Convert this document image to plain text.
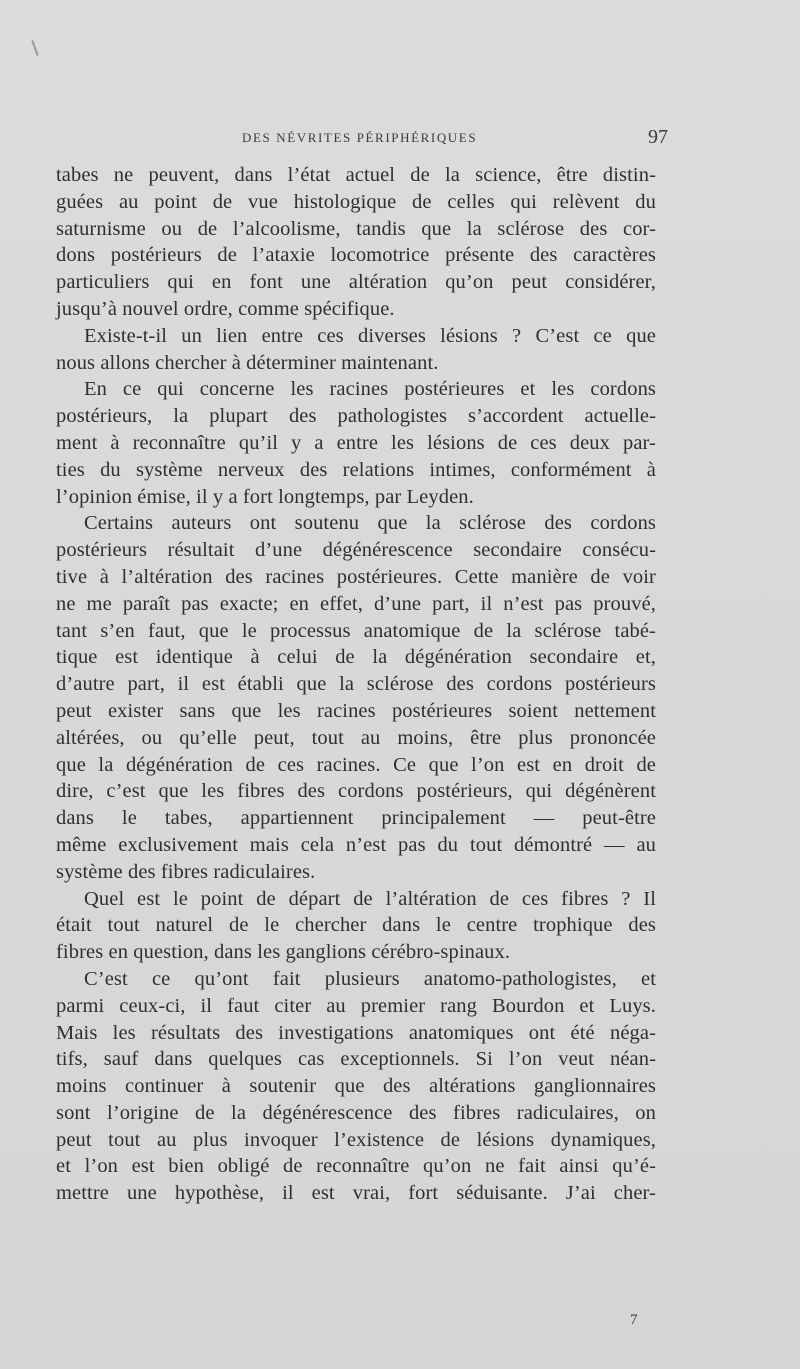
DES NÉVRITES PÉRIPHÉRIQUES	97
tabes ne peuvent, dans l’état actuel de la science, être distin-
guées au point de vue histologique de celles qui relèvent du
saturnisme ou de l’alcoolisme, tandis que la sclérose des cor-
dons postérieurs de l’ataxie locomotrice présente des caractères
particuliers qui en font une altération qu’on peut considérer,
jusqu’à nouvel ordre, comme spécifique.
Existe-t-il un lien entre ces diverses lésions ? C’est ce que
nous allons chercher à déterminer maintenant.
En ce qui concerne les racines postérieures et les cordons
postérieurs, la plupart des pathologistes s’accordent actuelle-
ment à reconnaître qu’il y a entre les lésions de ces deux par-
ties du système nerveux des relations intimes, conformément à
l’opinion émise, il y a fort longtemps, par Leyden.
Certains auteurs ont soutenu que la sclérose des cordons
postérieurs résultait d’une dégénérescence secondaire consécu-
tive à l’altération des racines postérieures. Cette manière de voir
ne me paraît pas exacte; en effet, d’une part, il n’est pas prouvé,
tant s’en faut, que le processus anatomique de la sclérose tabé-
tique est identique à celui de la dégénération secondaire et,
d’autre part, il est établi que la sclérose des cordons postérieurs
peut exister sans que les racines postérieures soient nettement
altérées, ou qu’elle peut, tout au moins, être plus prononcée
que la dégénération de ces racines. Ce que l’on est en droit de
dire, c’est que les fibres des cordons postérieurs, qui dégénèrent
dans le tabes, appartiennent principalement — peut-être
même exclusivement mais cela n’est pas du tout démontré — au
système des fibres radiculaires.
Quel est le point de départ de l’altération de ces fibres ? Il
était tout naturel de le chercher dans le centre trophique des
fibres en question, dans les ganglions cérébro-spinaux.
C’est ce qu’ont fait plusieurs anatomo-pathologistes, et
parmi ceux-ci, il faut citer au premier rang Bourdon et Luys.
Mais les résultats des investigations anatomiques ont été néga-
tifs, sauf dans quelques cas exceptionnels. Si l’on veut néan-
moins continuer à soutenir que des altérations ganglionnaires
sont l’origine de la dégénérescence des fibres radiculaires, on
peut tout au plus invoquer l’existence de lésions dynamiques,
et l’on est bien obligé de reconnaître qu’on ne fait ainsi qu’é-
mettre une hypothèse, il est vrai, fort séduisante. J’ai cher-
7
